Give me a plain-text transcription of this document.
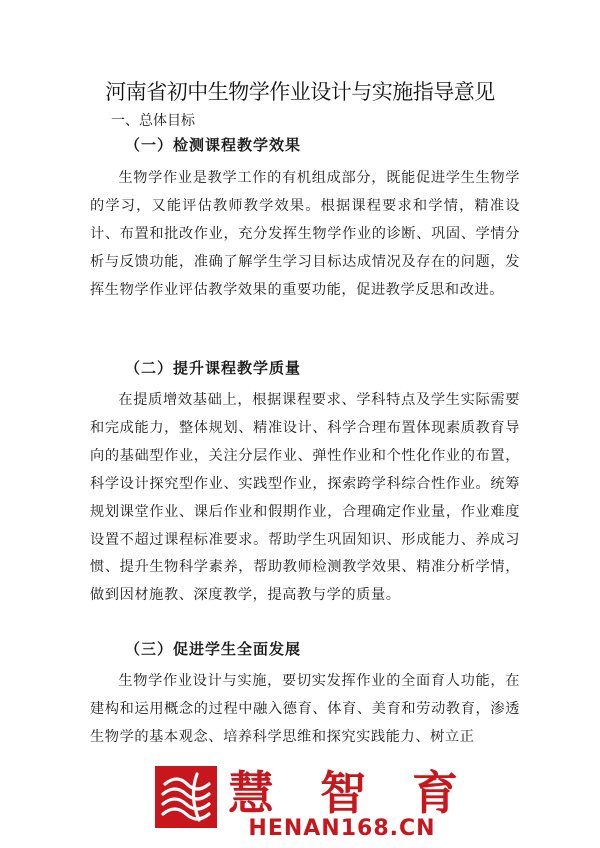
河南省初中生物学作业设计与实施指导意见
一、总体目标
（一）检测课程教学效果
生物学作业是教学工作的有机组成部分，既能促进学生生物学的学习，又能评估教师教学效果。根据课程要求和学情，精准设计、布置和批改作业，充分发挥生物学作业的诊断、巩固、学情分析与反馈功能，准确了解学生学习目标达成情况及存在的问题，发挥生物学作业评估教学效果的重要功能，促进教学反思和改进。
（二）提升课程教学质量
在提质增效基础上，根据课程要求、学科特点及学生实际需要和完成能力，整体规划、精准设计、科学合理布置体现素质教育导向的基础型作业，关注分层作业、弹性作业和个性化作业的布置，科学设计探究型作业、实践型作业，探索跨学科综合性作业。统筹规划课堂作业、课后作业和假期作业，合理确定作业量，作业难度设置不超过课程标准要求。帮助学生巩固知识、形成能力、养成习惯、提升生物科学素养，帮助教师检测教学效果、精准分析学情，做到因材施教、深度教学，提高教与学的质量。
（三）促进学生全面发展
生物学作业设计与实施，要切实发挥作业的全面育人功能，在建构和运用概念的过程中融入德育、体育、美育和劳动教育，渗透生物学的基本观念、培养科学思维和探究实践能力、树立正
慧 智 育
HENAN168.CN
